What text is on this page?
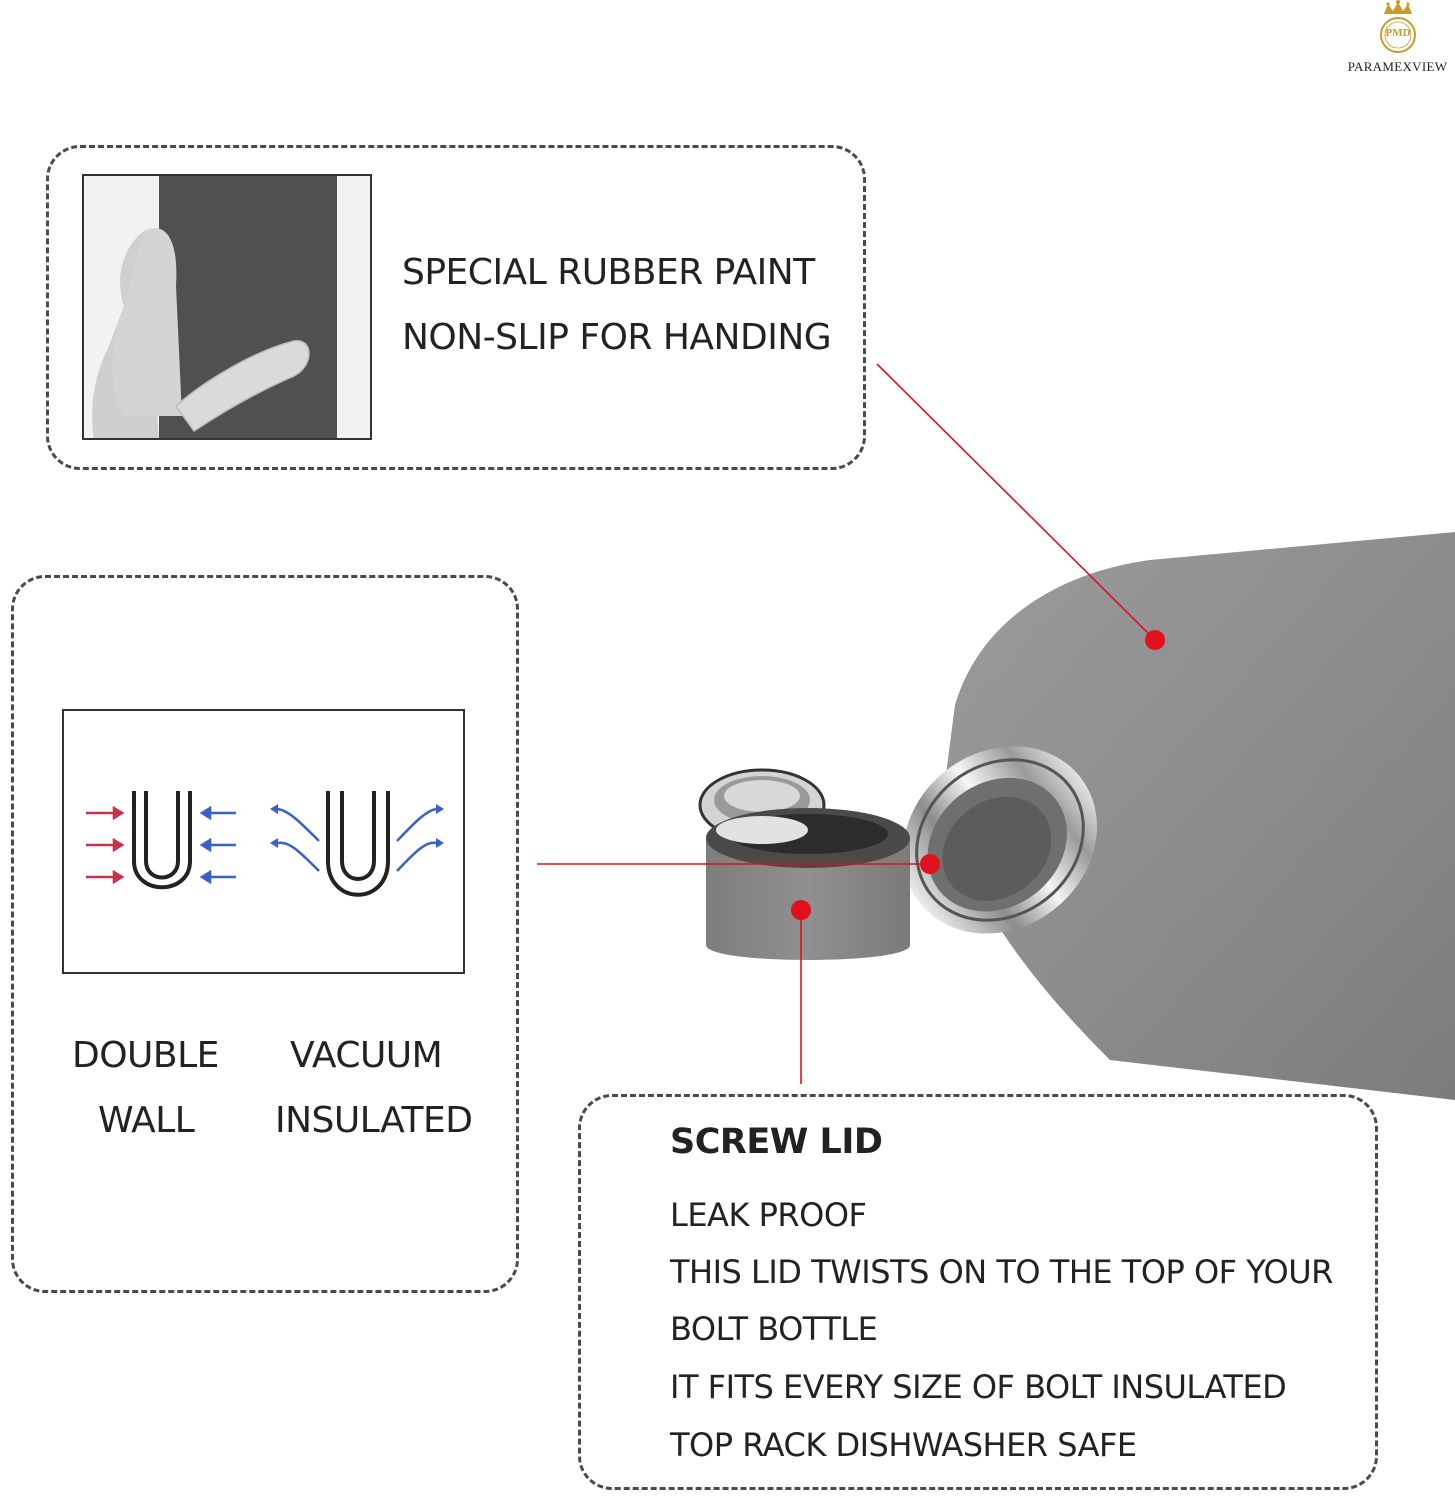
PMD
PARAMEXVIEW
SPECIAL RUBBER PAINT
NON-SLIP FOR HANDING
DOUBLE
WALL
VACUUM
INSULATED
SCREW LID
LEAK PROOF
THIS LID TWISTS ON TO THE TOP OF YOUR
BOLT BOTTLE
IT FITS EVERY SIZE OF BOLT INSULATED
TOP RACK DISHWASHER SAFE
